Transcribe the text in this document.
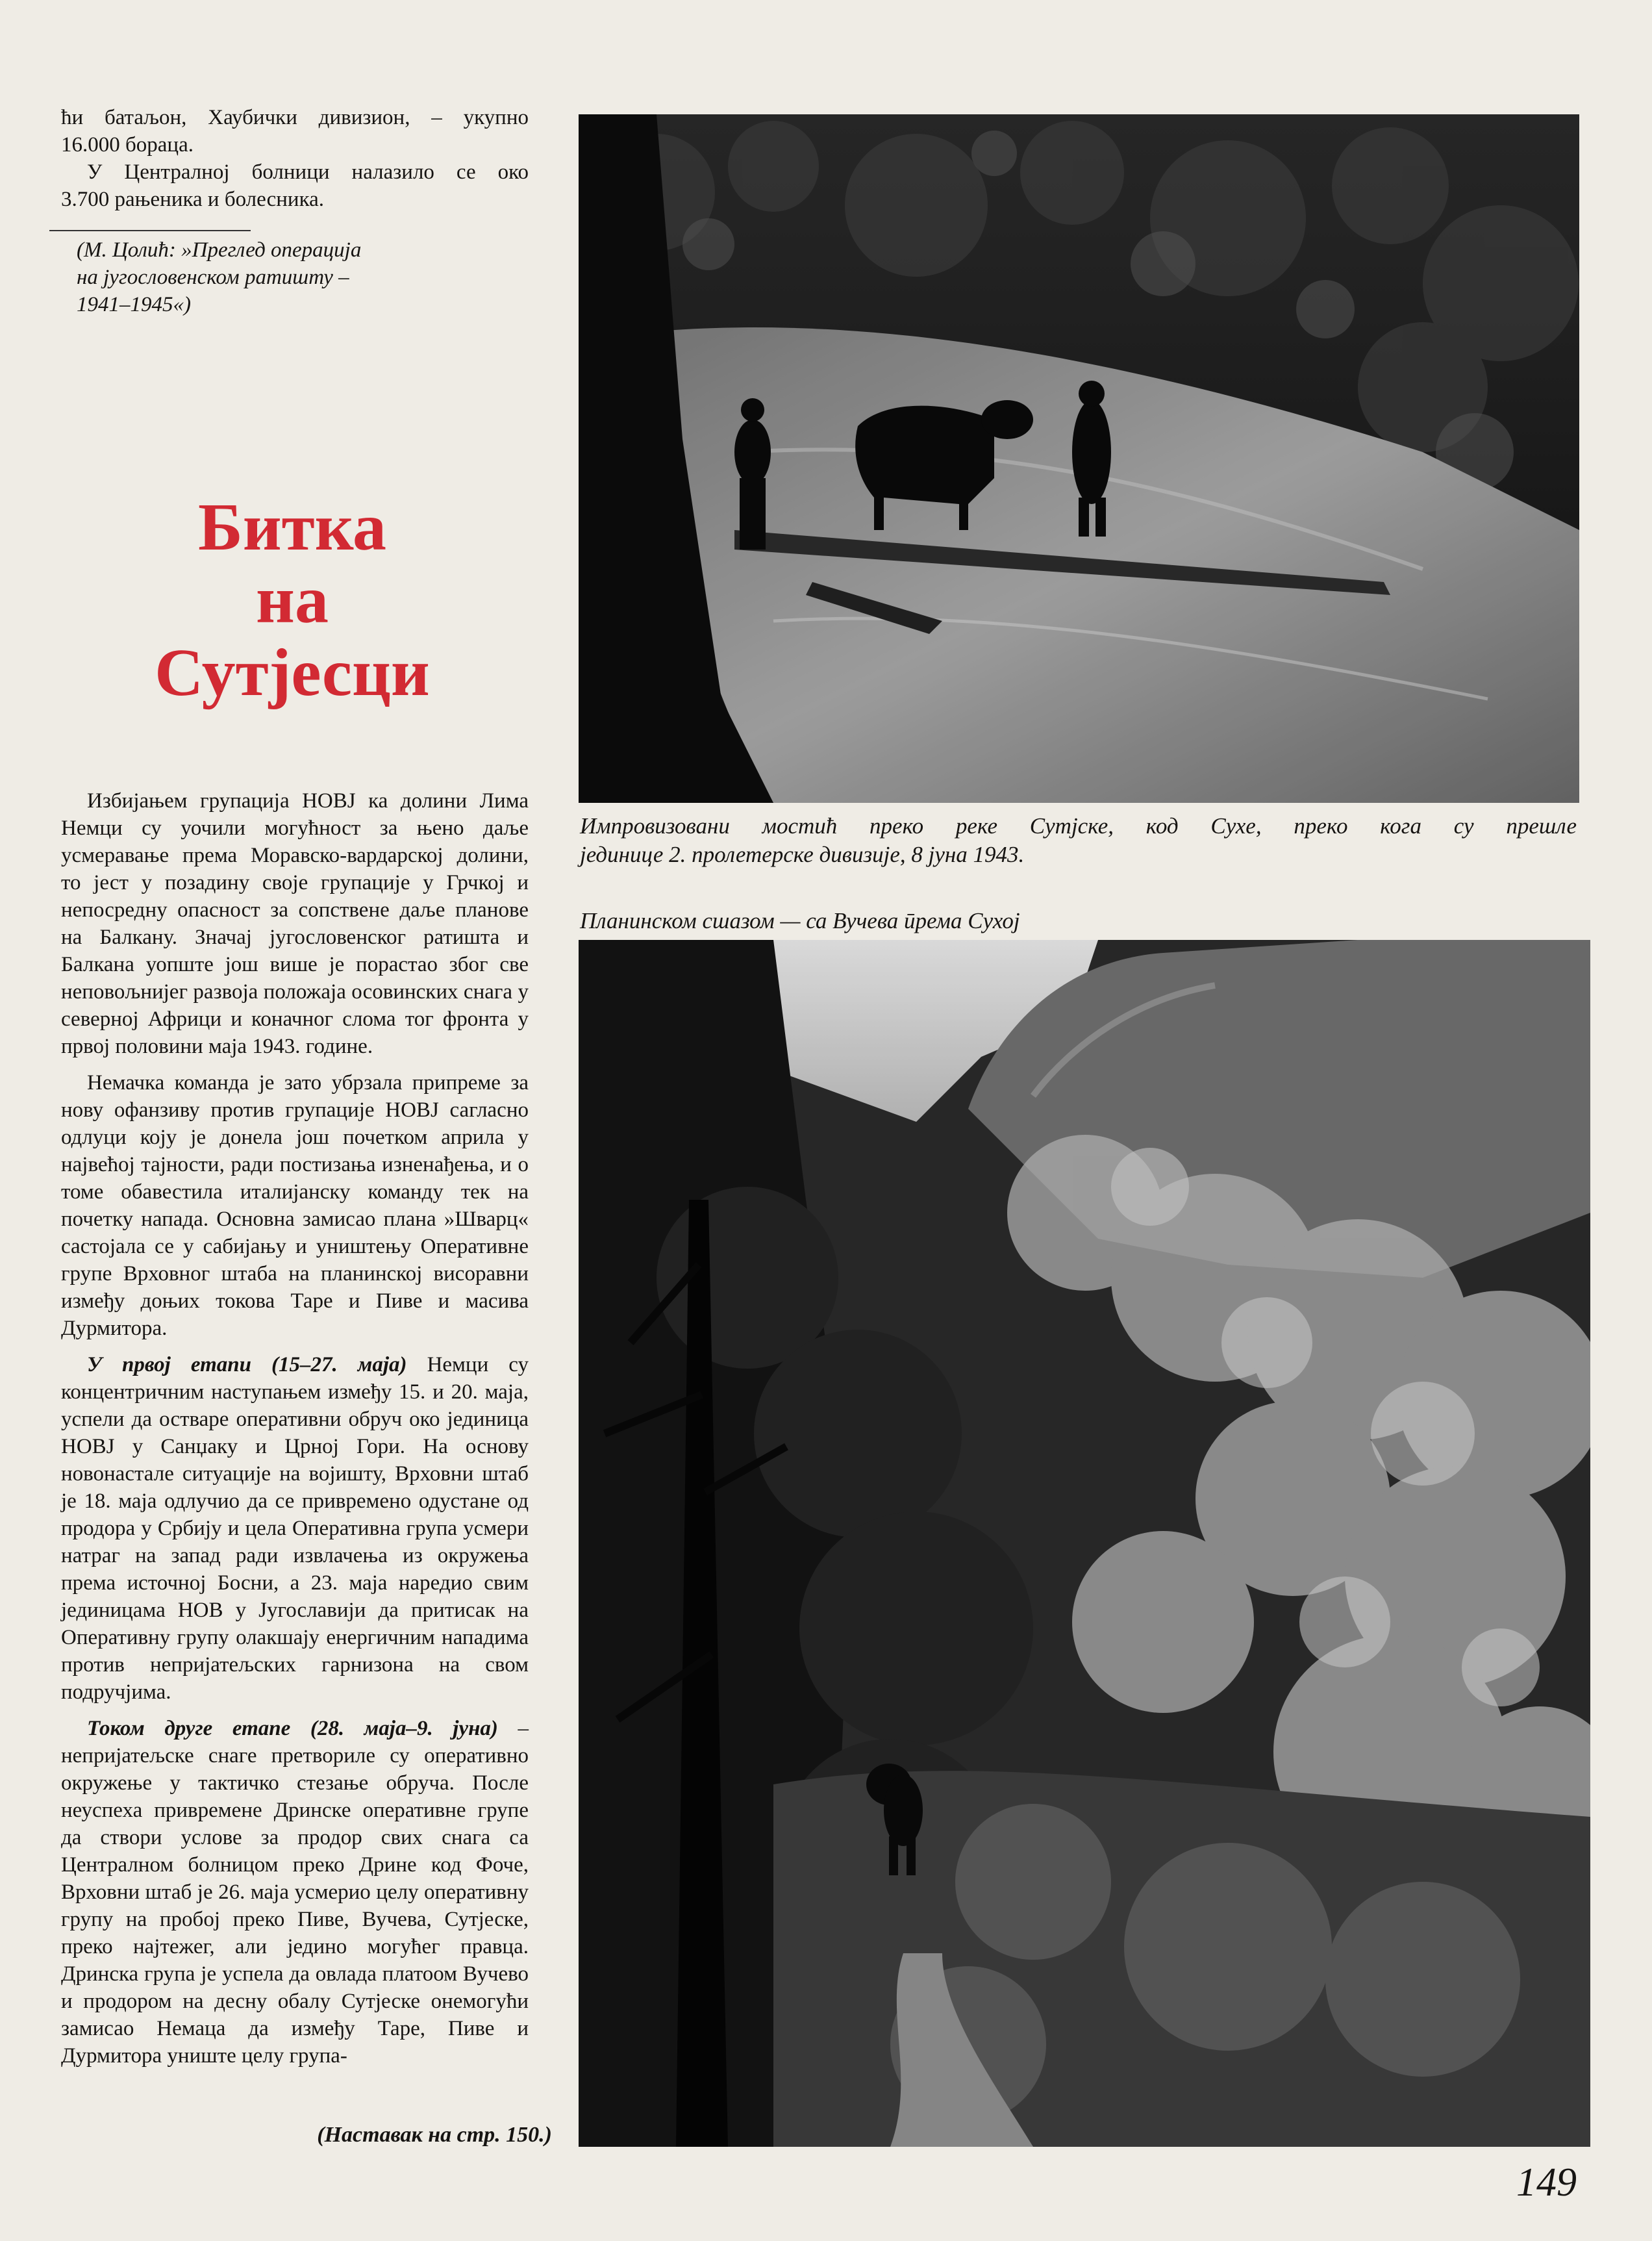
ћи батаљон, Хаубички дивизион, – укупно
16.000 бораца.
У Централној болници налазило се око
3.700 рањеника и болесника.
(М. Цолић: »Преглед операција
на југословенском ратишту –
1941–1945«)
Битка
на
Сутјесци

Избијањем групација НОВЈ ка долини Лима Немци су уочили могућност за њено даље усмеравање према Моравско-вардарској долини, то јест у позадину своје групације у Грчкој и непосредну опасност за сопствене даље планове на Балкану. Значај југословенског ратишта и Балкана уопште још више је порастао због све неповољнијег развоја положаја осовинских снага у северној Африци и коначног слома тог фронта у првој половини маја 1943. године.

Немачка команда је зато убрзала припреме за нову офанзиву против групације НОВЈ сагласно одлуци коју је донела још почетком априла у највећој тајности, ради постизања изненађења, и о томе обавестила италијанску команду тек на почетку напада. Основна замисао плана »Шварц« састојала се у сабијању и уништењу Оперативне групе Врховног штаба на планинској висоравни између доњих токова Таре и Пиве и масива Дурмитора.

У првој етапи (15–27. маја) Немци су концентричним наступањем између 15. и 20. маја, успели да остваре оперативни обруч око јединица НОВЈ у Санџаку и Црној Гори. На основу новонастале ситуације на војишту, Врховни штаб је 18. маја одлучио да се привремено одустане од продора у Србију и цела Оперативна група усмери натраг на запад ради извлачења из окружења према источној Босни, а 23. маја наредио свим јединицама НОВ у Југославији да притисак на Оперативну групу олакшају енергичним нападима против непријатељских гарнизона на свом подручјима.

Током друге етапе (28. маја–9. јуна) – непријатељске снаге претвориле су оперативно окружење у тактичко стезање обруча. После неуспеха привремене Дринске оперативне групе да створи услове за продор свих снага са Централном болницом преко Дрине код Фоче, Врховни штаб је 26. маја усмерио целу оперативну групу на пробој преко Пиве, Вучева, Сутјеске, преко најтежег, али једино могућег правца. Дринска група је успела да овлада платоом Вучево и продором на десну обалу Сутјеске онемогући замисао Немаца да између Таре, Пиве и Дурмитора униште целу група-

(Наставак на стр. 150.)
Импровизовани мостић преко реке Сутјске, код Сухе, преко кога су прешле
јединице 2. пролетерске дивизије, 8 јуна 1943.
Планинском сшазом — са Вучева ӣрема Сухој
149
